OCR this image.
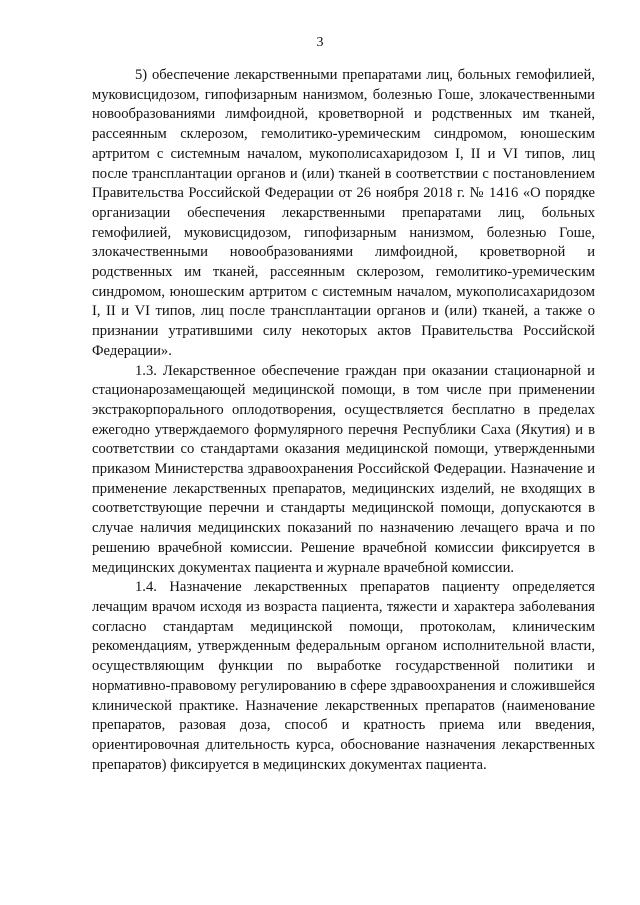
3

5) обеспечение лекарственными препаратами лиц, больных гемофилией, муковисцидозом, гипофизарным нанизмом, болезнью Гоше, злокачественными новообразованиями лимфоидной, кроветворной и родственных им тканей, рассеянным склерозом, гемолитико-уремическим синдромом, юношеским артритом с системным началом, мукополисахаридозом I, II и VI типов, лиц после трансплантации органов и (или) тканей в соответствии с постановлением Правительства Российской Федерации от 26 ноября 2018 г. № 1416 «О порядке организации обеспечения лекарственными препаратами лиц, больных гемофилией, муковисцидозом, гипофизарным нанизмом, болезнью Гоше, злокачественными новообразованиями лимфоидной, кроветворной и родственных им тканей, рассеянным склерозом, гемолитико-уремическим синдромом, юношеским артритом с системным началом, мукополисахаридозом I, II и VI типов, лиц после трансплантации органов и (или) тканей, а также о признании утратившими силу некоторых актов Правительства Российской Федерации».

1.3. Лекарственное обеспечение граждан при оказании стационарной и стационарозамещающей медицинской помощи, в том числе при применении экстракорпорального оплодотворения, осуществляется бесплатно в пределах ежегодно утверждаемого формулярного перечня Республики Саха (Якутия) и в соответствии со стандартами оказания медицинской помощи, утвержденными приказом Министерства здравоохранения Российской Федерации. Назначение и применение лекарственных препаратов, медицинских изделий, не входящих в соответствующие перечни и стандарты медицинской помощи, допускаются в случае наличия медицинских показаний по назначению лечащего врача и по решению врачебной комиссии. Решение врачебной комиссии фиксируется в медицинских документах пациента и журнале врачебной комиссии.

1.4. Назначение лекарственных препаратов пациенту определяется лечащим врачом исходя из возраста пациента, тяжести и характера заболевания согласно стандартам медицинской помощи, протоколам, клиническим рекомендациям, утвержденным федеральным органом исполнительной власти, осуществляющим функции по выработке государственной политики и нормативно-правовому регулированию в сфере здравоохранения и сложившейся клинической практике. Назначение лекарственных препаратов (наименование препаратов, разовая доза, способ и кратность приема или введения, ориентировочная длительность курса, обоснование назначения лекарственных препаратов) фиксируется в медицинских документах пациента.
